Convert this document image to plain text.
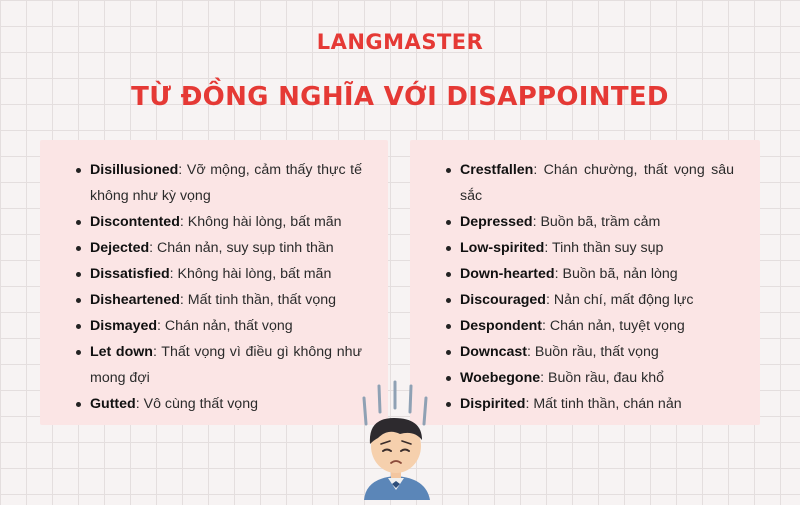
LANGMASTER
TỪ ĐỒNG NGHĨA VỚI DISAPPOINTED
Disillusioned: Vỡ mộng, cảm thấy thực tế không như kỳ vọng
Discontented: Không hài lòng, bất mãn
Dejected: Chán nản, suy sụp tinh thần
Dissatisfied: Không hài lòng, bất mãn
Disheartened: Mất tinh thần, thất vọng
Dismayed: Chán nản, thất vọng
Let down: Thất vọng vì điều gì không như mong đợi
Gutted: Vô cùng thất vọng
Crestfallen: Chán chường, thất vọng sâu sắc
Depressed: Buồn bã, trầm cảm
Low-spirited: Tinh thần suy sụp
Down-hearted: Buồn bã, nản lòng
Discouraged: Nản chí, mất động lực
Despondent: Chán nản, tuyệt vọng
Downcast: Buồn rầu, thất vọng
Woebegone: Buồn rầu, đau khổ
Dispirited: Mất tinh thần, chán nản
